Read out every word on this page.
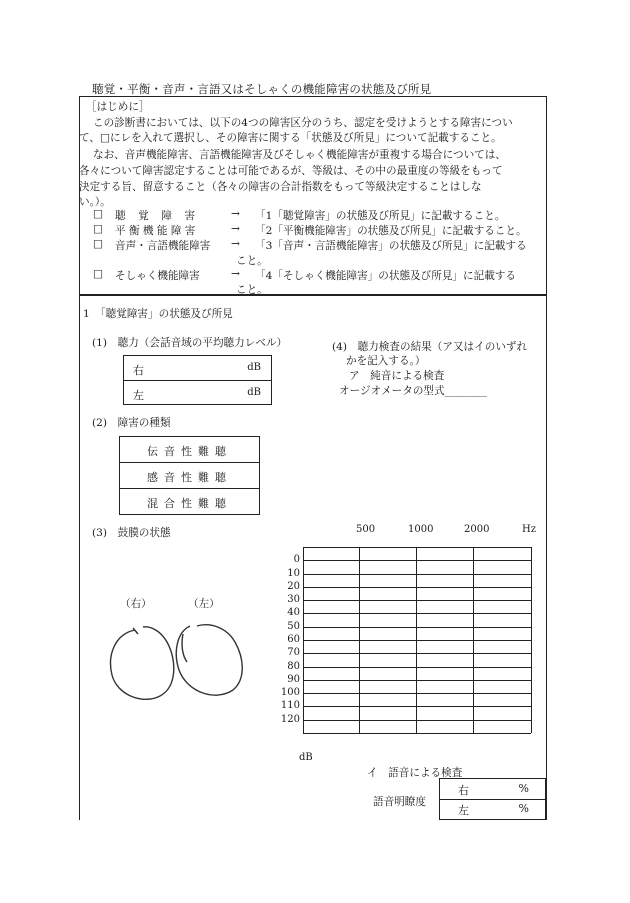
聴覚・平衡・音声・言語又はそしゃくの機能障害の状態及び所見
［はじめに］
この診断書においては、以下の4つの障害区分のうち、認定を受けようとする障害につい
て、□にレを入れて選択し、その障害に関する「状態及び所見」について記載すること。
なお、音声機能障害、言語機能障害及びそしゃく機能障害が重複する場合については、
各々について障害認定することは可能であるが、等級は、その中の最重度の等級をもって
決定する旨、留意すること（各々の障害の合計指数をもって等級決定することはしな
い。）。
□ 聴　覚　障　害	→ 「1「聴覚障害」の状態及び所見」に記載すること。
□ 平 衡 機 能 障 害	→ 「2「平衡機能障害」の状態及び所見」に記載すること。
□ 音声・言語機能障害 → 「3「音声・言語機能障害」の状態及び所見」に記載する
こと。
□ そしゃく機能障害	→ 「4「そしゃく機能障害」の状態及び所見」に記載する
こと。
1　「聴覚障害」の状態及び所見
(1)　聴力（会話音域の平均聴力レベル）
右	dB
左	dB
(4)　聴力検査の結果（ア又はイのいずれ
かを記入する。）
ア　純音による検査
オージオメータの型式________
(2)　障害の種類
伝音性難聴
感音性難聴
混合性難聴
(3)　鼓膜の状態
（右）	（左）
0
10
20
30
40
50
60
70
80
90
100
110
120
500	1000	2000	Hz
dB
イ　語音による検査
語音明瞭度
右	%
左	%
